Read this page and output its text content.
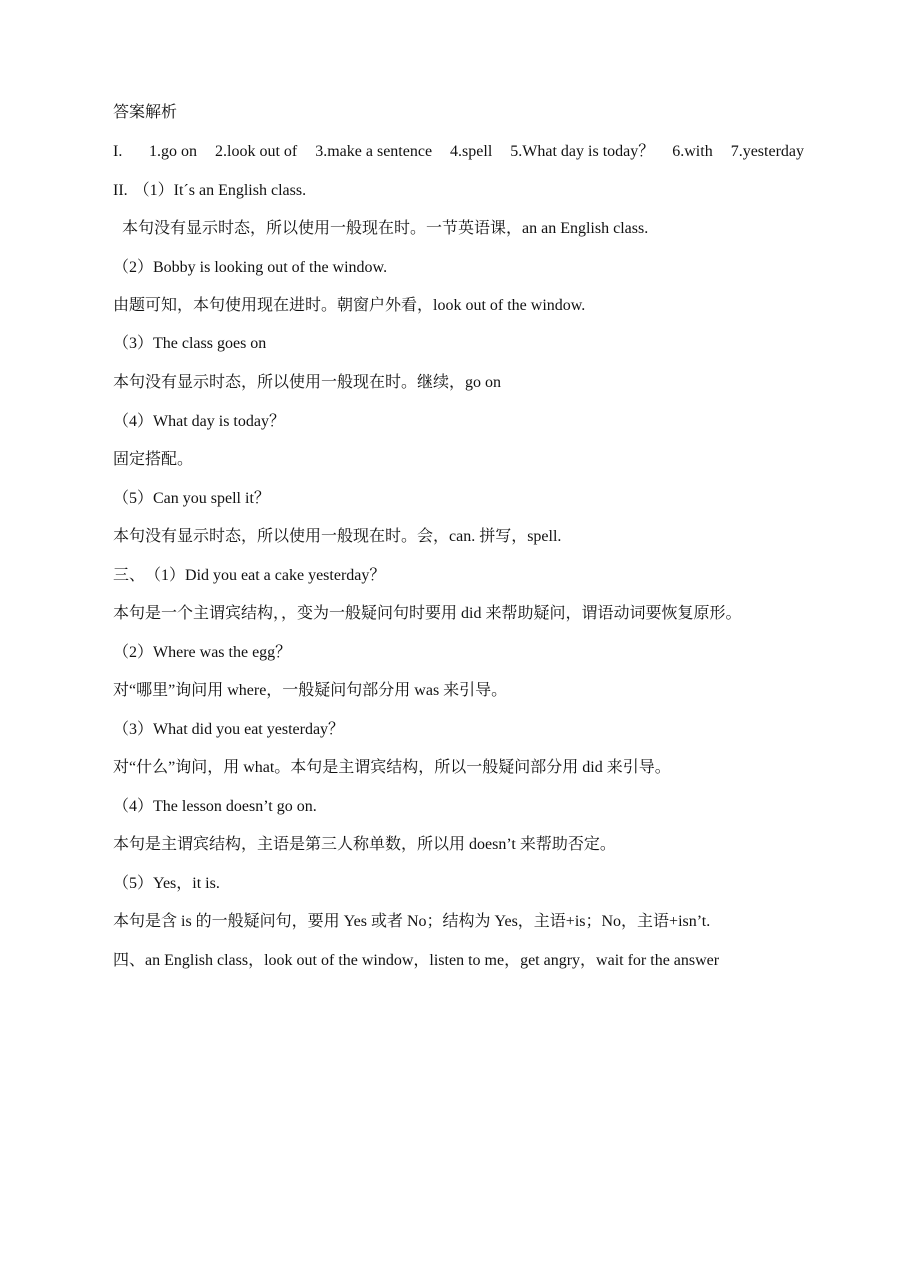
答案解析
I.	1.go on 2.look out of 3.make a sentence 4.spell 5.What day is today？ 6.with 7.yesterday
II. （1）It´s an English class.
本句没有显示时态，所以使用一般现在时。一节英语课，an an English class.
（2）Bobby is looking out of the window.
由题可知，本句使用现在进时。朝窗户外看，look out of the window.
（3）The class goes on
本句没有显示时态，所以使用一般现在时。继续，go on
（4）What day is today？
固定搭配。
（5）Can you spell it？
本句没有显示时态，所以使用一般现在时。会，can. 拼写，spell.
三、 （1）Did you eat a cake yesterday？
本句是一个主谓宾结构，，变为一般疑问句时要用 did 来帮助疑问，谓语动词要恢复原形。
（2）Where was the egg？
对“哪里”询问用 where，一般疑问句部分用 was 来引导。
（3）What did you eat yesterday？
对“什么”询问，用 what。本句是主谓宾结构，所以一般疑问部分用 did 来引导。
（4）The lesson doesn’t go on.
本句是主谓宾结构，主语是第三人称单数，所以用 doesn’t 来帮助否定。
（5）Yes，it is.
本句是含 is 的一般疑问句，要用 Yes 或者 No；结构为 Yes，主语+is；No，主语+isn’t.
四、an English class，look out of the window，listen to me，get angry，wait for the answer
